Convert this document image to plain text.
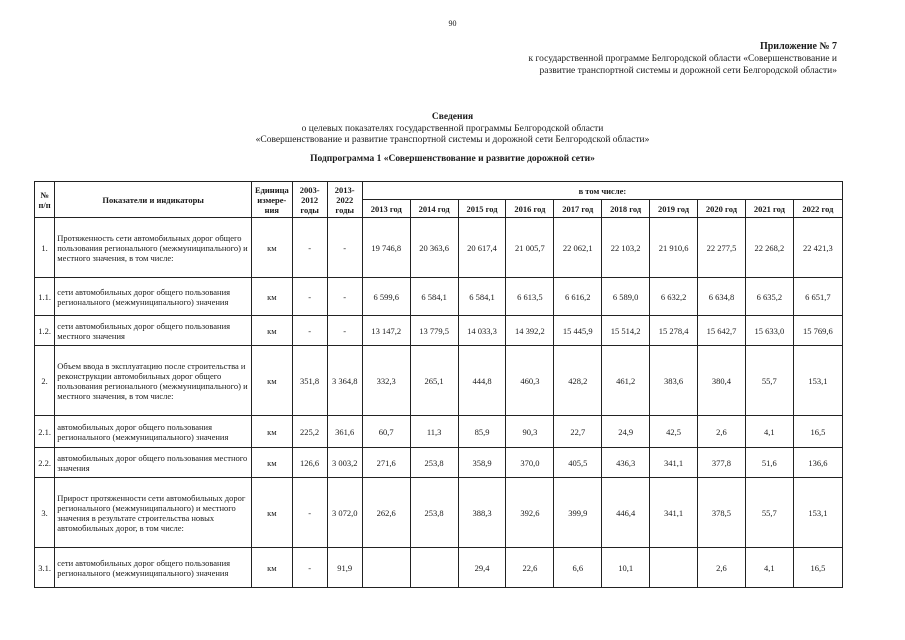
90
Приложение № 7
к государственной программе Белгородской области «Совершенствование и
развитие транспортной системы и дорожной сети Белгородской области»
Сведения
о целевых показателях государственной программы Белгородской области
«Совершенствование и развитие транспортной системы и дорожной сети Белгородской области»
Подпрограмма 1 «Совершенствование и развитие дорожной сети»
№ п/п	Показатели и индикаторы	Единица измере-ния	2003-2012 годы	2013-2022 годы	в том числе:									
					2013 год	2014 год	2015 год	2016 год	2017 год	2018 год	2019 год	2020 год	2021 год	2022 год
1.	Протяженность сети автомобильных дорог общего пользования регионального (межмуниципального) и местного значения, в том числе:	км	-	-	19 746,8	20 363,6	20 617,4	21 005,7	22 062,1	22 103,2	21 910,6	22 277,5	22 268,2	22 421,3
1.1.	сети автомобильных дорог общего пользования регионального (межмуниципального) значения	км	-	-	6 599,6	6 584,1	6 584,1	6 613,5	6 616,2	6 589,0	6 632,2	6 634,8	6 635,2	6 651,7
1.2.	сети автомобильных дорог общего пользования местного значения	км	-	-	13 147,2	13 779,5	14 033,3	14 392,2	15 445,9	15 514,2	15 278,4	15 642,7	15 633,0	15 769,6
2.	Объем ввода в эксплуатацию после строительства и реконструкции автомобильных дорог общего пользования регионального (межмуниципального) и местного значения, в том числе:	км	351,8	3 364,8	332,3	265,1	444,8	460,3	428,2	461,2	383,6	380,4	55,7	153,1
2.1.	автомобильных дорог общего пользования регионального (межмуниципального) значения	км	225,2	361,6	60,7	11,3	85,9	90,3	22,7	24,9	42,5	2,6	4,1	16,5
2.2.	автомобильных дорог общего пользования местного значения	км	126,6	3 003,2	271,6	253,8	358,9	370,0	405,5	436,3	341,1	377,8	51,6	136,6
3.	Прирост протяженности сети автомобильных дорог регионального (межмуниципального) и местного значения в результате строительства новых автомобильных дорог, в том числе:	км	-	3 072,0	262,6	253,8	388,3	392,6	399,9	446,4	341,1	378,5	55,7	153,1
3.1.	сети автомобильных дорог общего пользования регионального (межмуниципального) значения	км	-	91,9			29,4	22,6	6,6	10,1		2,6	4,1	16,5
